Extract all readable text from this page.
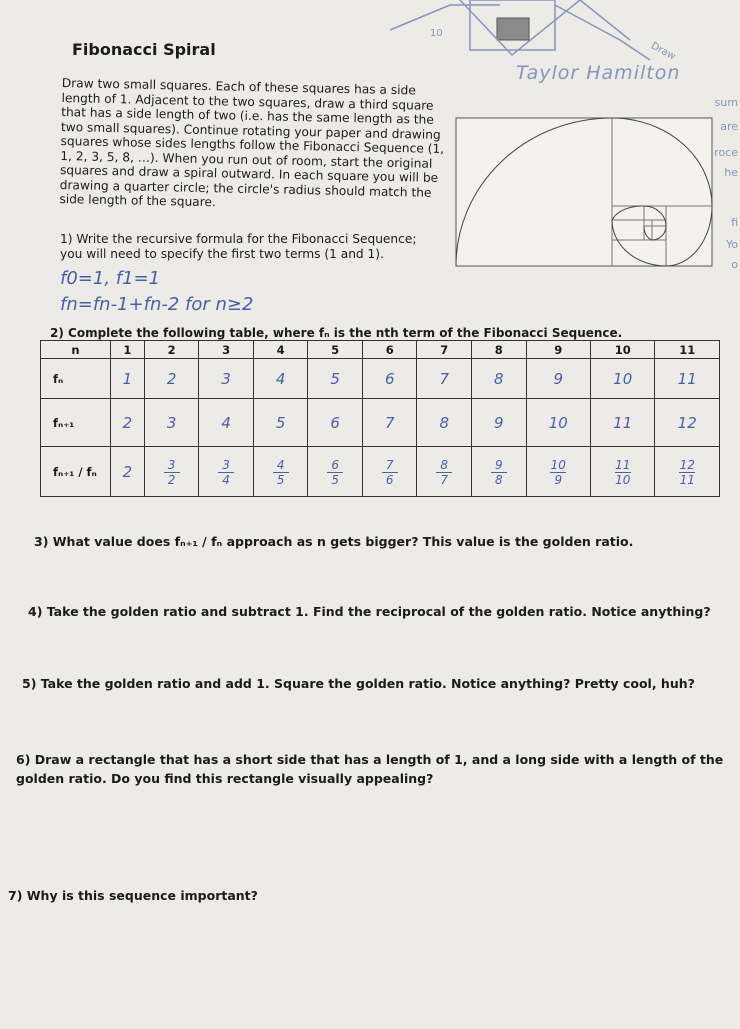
10
Draw
Taylor Hamilton
sum
are
roce
he
fi
Yo
o
Fibonacci Spiral
Draw two small squares. Each of these squares has a side length of 1. Adjacent to the two squares, draw a third square that has a side length of two (i.e. has the same length as the two small squares). Continue rotating your paper and drawing squares whose sides lengths follow the Fibonacci Sequence (1, 1, 2, 3, 5, 8, …). When you run out of room, start the original squares and draw a spiral outward. In each square you will be drawing a quarter circle; the circle's radius should match the side length of the square.
1) Write the recursive formula for the Fibonacci Sequence; you will need to specify the first two terms (1 and 1).
f0=1, f1=1
fn=fn-1+fn-2 for n≥2
2) Complete the following table, where fₙ is the nth term of the Fibonacci Sequence.
n	1	2	3	4	5	6	7	8	9	10	11
fₙ	1	2	3	4	5	6	7	8	9	10	11
fₙ₊₁	2	3	4	5	6	7	8	9	10	11	12
fₙ₊₁ / fₙ	2	$\frac{3}{2}$	$\frac{3}{4}$	$\frac{4}{5}$	$\frac{6}{5}$	$\frac{7}{6}$	$\frac{8}{7}$	$\frac{9}{8}$	$\frac{10}{9}$	$\frac{11}{10}$	$\frac{12}{11}$
3) What value does fₙ₊₁ / fₙ approach as n gets bigger? This value is the golden ratio.
4) Take the golden ratio and subtract 1. Find the reciprocal of the golden ratio. Notice anything?
5) Take the golden ratio and add 1. Square the golden ratio. Notice anything? Pretty cool, huh?
6) Draw a rectangle that has a short side that has a length of 1, and a long side with a length of the golden ratio. Do you find this rectangle visually appealing?
7) Why is this sequence important?
